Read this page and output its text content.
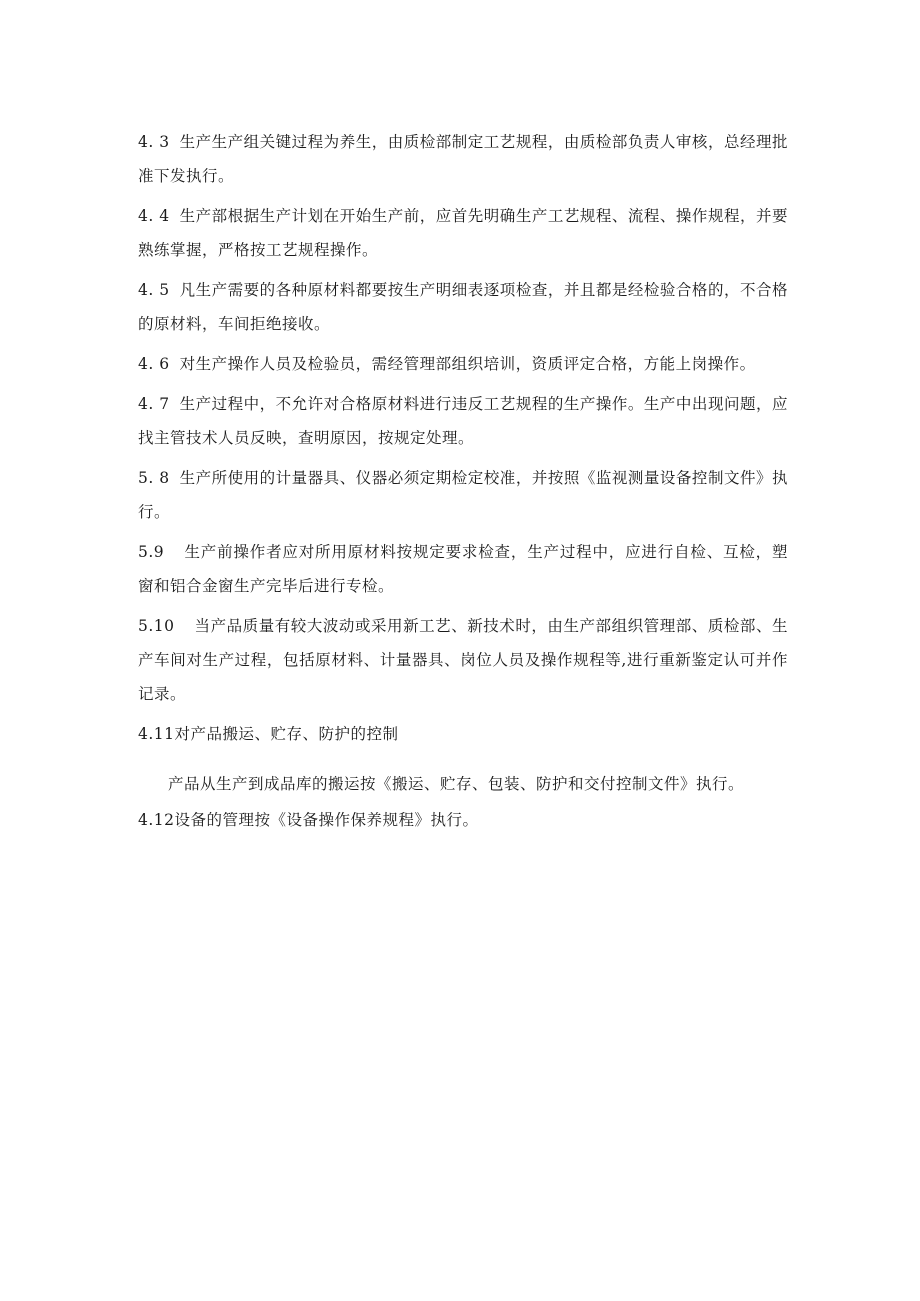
4. 3 生产生产组关键过程为养生，由质检部制定工艺规程，由质检部负责人审核，总经理批准下发执行。

4. 4 生产部根据生产计划在开始生产前，应首先明确生产工艺规程、流程、操作规程，并要熟练掌握，严格按工艺规程操作。

4. 5 凡生产需要的各种原材料都要按生产明细表逐项检查，并且都是经检验合格的，不合格的原材料，车间拒绝接收。

4. 6 对生产操作人员及检验员，需经管理部组织培训，资质评定合格，方能上岗操作。

4. 7 生产过程中，不允许对合格原材料进行违反工艺规程的生产操作。生产中出现问题，应找主管技术人员反映，查明原因，按规定处理。

5. 8 生产所使用的计量器具、仪器必须定期检定校准，并按照《监视测量设备控制文件》执行。

5.9 生产前操作者应对所用原材料按规定要求检查，生产过程中，应进行自检、互检，塑窗和铝合金窗生产完毕后进行专检。

5.10 当产品质量有较大波动或采用新工艺、新技术时，由生产部组织管理部、质检部、生产车间对生产过程，包括原材料、计量器具、岗位人员及操作规程等,进行重新鉴定认可并作记录。

4.11对产品搬运、贮存、防护的控制

产品从生产到成品库的搬运按《搬运、贮存、包装、防护和交付控制文件》执行。

4.12设备的管理按《设备操作保养规程》执行。
